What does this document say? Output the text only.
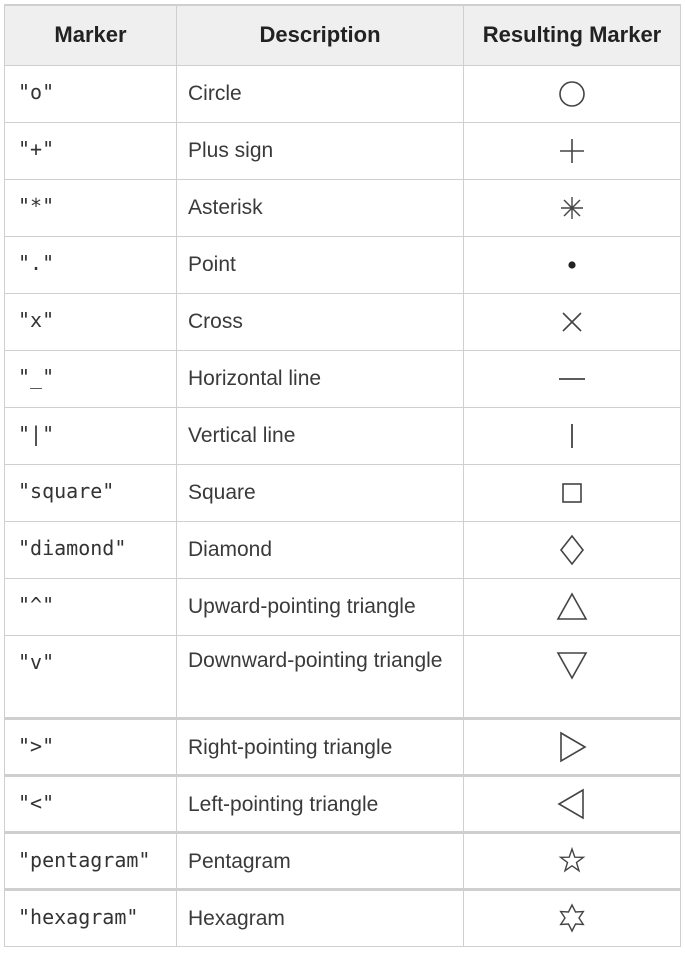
Marker	Description	Resulting Marker
"o"	Circle	

"+"	Plus sign	

"*"	Asterisk	

"."	Point	

"x"	Cross	

"_"	Horizontal line	

"|"	Vertical line	

"square"	Square	

"diamond"	Diamond	

"^"	Upward-pointing triangle	

"v"	Downward-pointing triangle	

">"	Right-pointing triangle	

"<"	Left-pointing triangle	

"pentagram"	Pentagram	

"hexagram"	Hexagram	
